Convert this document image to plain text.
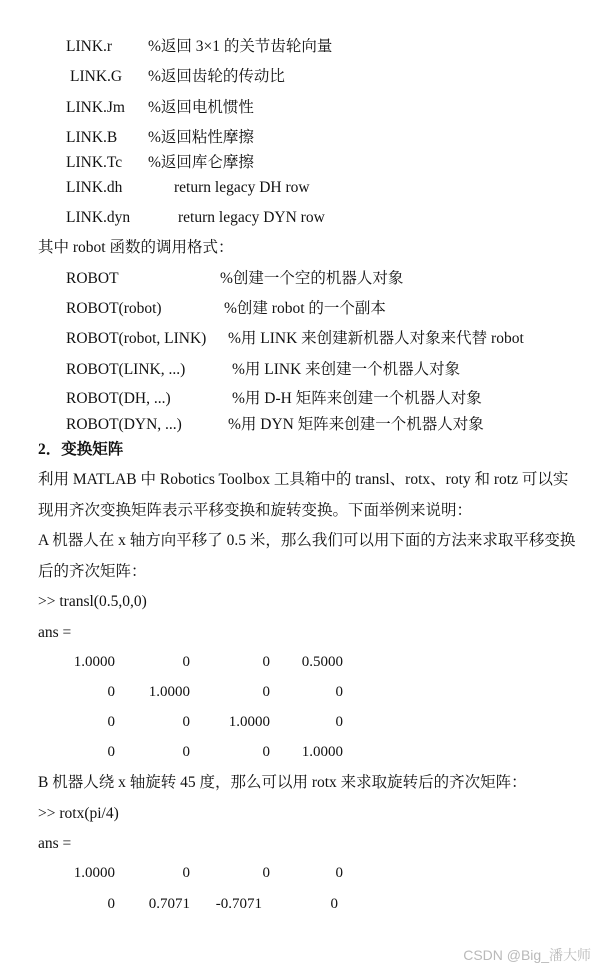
LINK.r %返回 3×1 的关节齿轮向量
LINK.G %返回齿轮的传动比
LINK.Jm %返回电机惯性
LINK.B %返回粘性摩擦
LINK.Tc %返回库仑摩擦
LINK.dh	return legacy DH row
LINK.dyn	return legacy DYN row
其中 robot 函数的调用格式：
ROBOT	%创建一个空的机器人对象
ROBOT(robot)	%创建 robot 的一个副本
ROBOT(robot, LINK) %用 LINK 来创建新机器人对象来代替 robot
ROBOT(LINK, ...)	%用 LINK 来创建一个机器人对象
ROBOT(DH, ...)	%用 D-H 矩阵来创建一个机器人对象
ROBOT(DYN, ...)	%用 DYN 矩阵来创建一个机器人对象
2．变换矩阵
利用 MATLAB 中 Robotics Toolbox 工具箱中的 transl、rotx、roty 和 rotz 可以实
现用齐次变换矩阵表示平移变换和旋转变换。下面举例来说明：
A 机器人在 x 轴方向平移了 0.5 米，那么我们可以用下面的方法来求取平移变换
后的齐次矩阵：
>> transl(0.5,0,0)
ans =
1.0000	0	0	0.5000
0	1.0000	0	0
0	0	1.0000	0
0	0	0	1.0000
B 机器人绕 x 轴旋转 45 度，那么可以用 rotx 来求取旋转后的齐次矩阵：
>> rotx(pi/4)
ans =
1.0000	0	0	0
0	0.7071	-0.7071	0
CSDN @Big_潘大师
